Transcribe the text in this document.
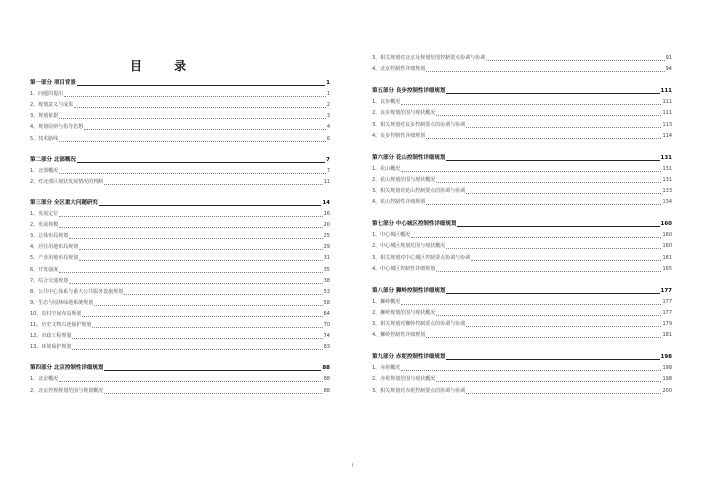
目 录
第一部分 项目背景	1
1、问题的提出	1
2、规划意义与成果	2
3、规划依据	3
4、规划原则与指导思想	4
5、技术路线	6
第二部分 北部概况	7
1、北部概况	7
2、对北部区现状发展情况的判断	11
第三部分 全区重大问题研究	14
1、发展定位	16
2、发展规模	20
3、总体布局规划	25
4、居住用地布局规划	29
5、产业用地布局规划	31
6、开发强度	35
7、综合交通规划	38
8、公共中心体系与重大公共服务设施规划	53
9、生态与园林绿地系统规划	58
10、农村空间布局规划	64
11、历史文物古迹保护规划	70
12、市政工程规划	74
13、环境保护规划	83
第四部分 北京控制性详细规划	88
1、北京概况	88
2、北京控规规划范围与规划概况	88
3、相关规划对北京及规划范围控制要点协调与协调	91
4、北京控制性详细规划	94
第五部分 良步控制性详细规划	111
1、良步概况	111
2、良步规划范围与现状概况	111
3、相关规划对良步控制要点的协调与协调	113
4、良步控制性详细规划	114
第六部分 花山控制性详细规划	131
1、花山概况	131
2、花山规划范围与现状概况	131
3、相关规划对花山控制要点的协调与协调	133
4、花山控制性详细规划	134
第七部分 中心城区控制性详细规划	160
1、中心城区概况	160
2、中心城区规划范围与现状概况	160
3、相关规划对中心城区控制要点协调与协调	161
4、中心城区控制性详细规划	165
第八部分 狮岭控制性详细规划	177
1、狮岭概况	177
2、狮岭规划范围与现状概况	177
3、相关规划对狮岭控制要点的协调与协调	179
4、狮岭控制性详细规划	181
第九部分 赤坭控制性详细规划	198
1、赤坭概况	198
2、赤坭规划范围与现状概况	198
3、相关规划对赤坭控制要点的协调与协调	200
I
